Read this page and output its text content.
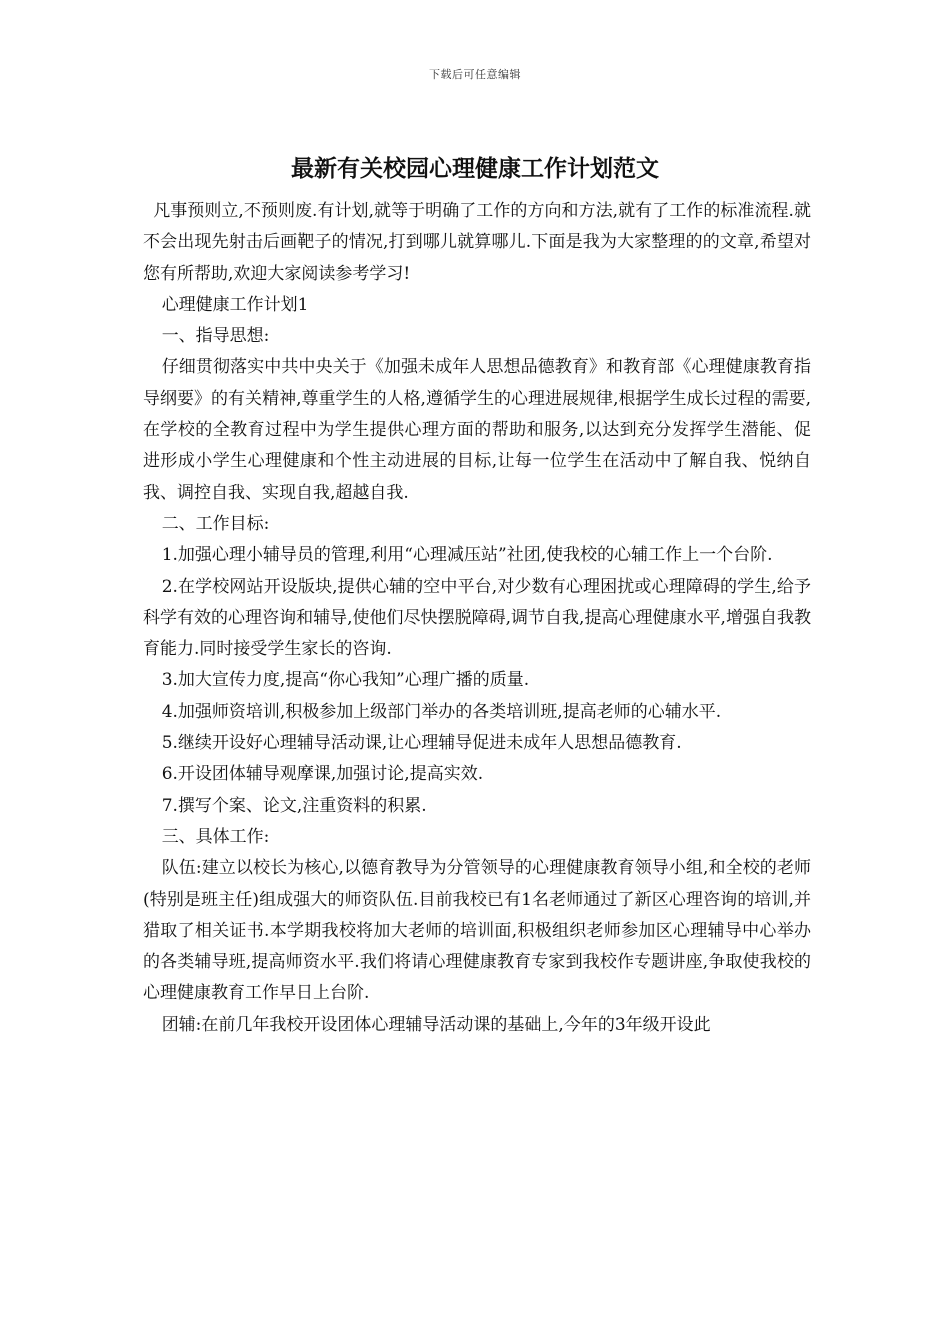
下载后可任意编辑
最新有关校园心理健康工作计划范文

凡事预则立,不预则废.有计划,就等于明确了工作的方向和方法,就有了工作的标准流程.就不会出现先射击后画靶子的情况,打到哪儿就算哪儿.下面是我为大家整理的的文章,希望对您有所帮助,欢迎大家阅读参考学习!

心理健康工作计划1

一、指导思想:

仔细贯彻落实中共中央关于《加强未成年人思想品德教育》和教育部《心理健康教育指导纲要》的有关精神,尊重学生的人格,遵循学生的心理进展规律,根据学生成长过程的需要,在学校的全教育过程中为学生提供心理方面的帮助和服务,以达到充分发挥学生潜能、促进形成小学生心理健康和个性主动进展的目标,让每一位学生在活动中了解自我、悦纳自我、调控自我、实现自我,超越自我.

二、工作目标:

1.加强心理小辅导员的管理,利用“心理减压站”社团,使我校的心辅工作上一个台阶.

2.在学校网站开设版块,提供心辅的空中平台,对少数有心理困扰或心理障碍的学生,给予科学有效的心理咨询和辅导,使他们尽快摆脱障碍,调节自我,提高心理健康水平,增强自我教育能力.同时接受学生家长的咨询.

3.加大宣传力度,提高“你心我知”心理广播的质量.

4.加强师资培训,积极参加上级部门举办的各类培训班,提高老师的心辅水平.

5.继续开设好心理辅导活动课,让心理辅导促进未成年人思想品德教育.

6.开设团体辅导观摩课,加强讨论,提高实效.

7.撰写个案、论文,注重资料的积累.

三、具体工作:

队伍:建立以校长为核心,以德育教导为分管领导的心理健康教育领导小组,和全校的老师(特别是班主任)组成强大的师资队伍.目前我校已有1名老师通过了新区心理咨询的培训,并猎取了相关证书.本学期我校将加大老师的培训面,积极组织老师参加区心理辅导中心举办的各类辅导班,提高师资水平.我们将请心理健康教育专家到我校作专题讲座,争取使我校的心理健康教育工作早日上台阶.

团辅:在前几年我校开设团体心理辅导活动课的基础上,今年的3年级开设此
